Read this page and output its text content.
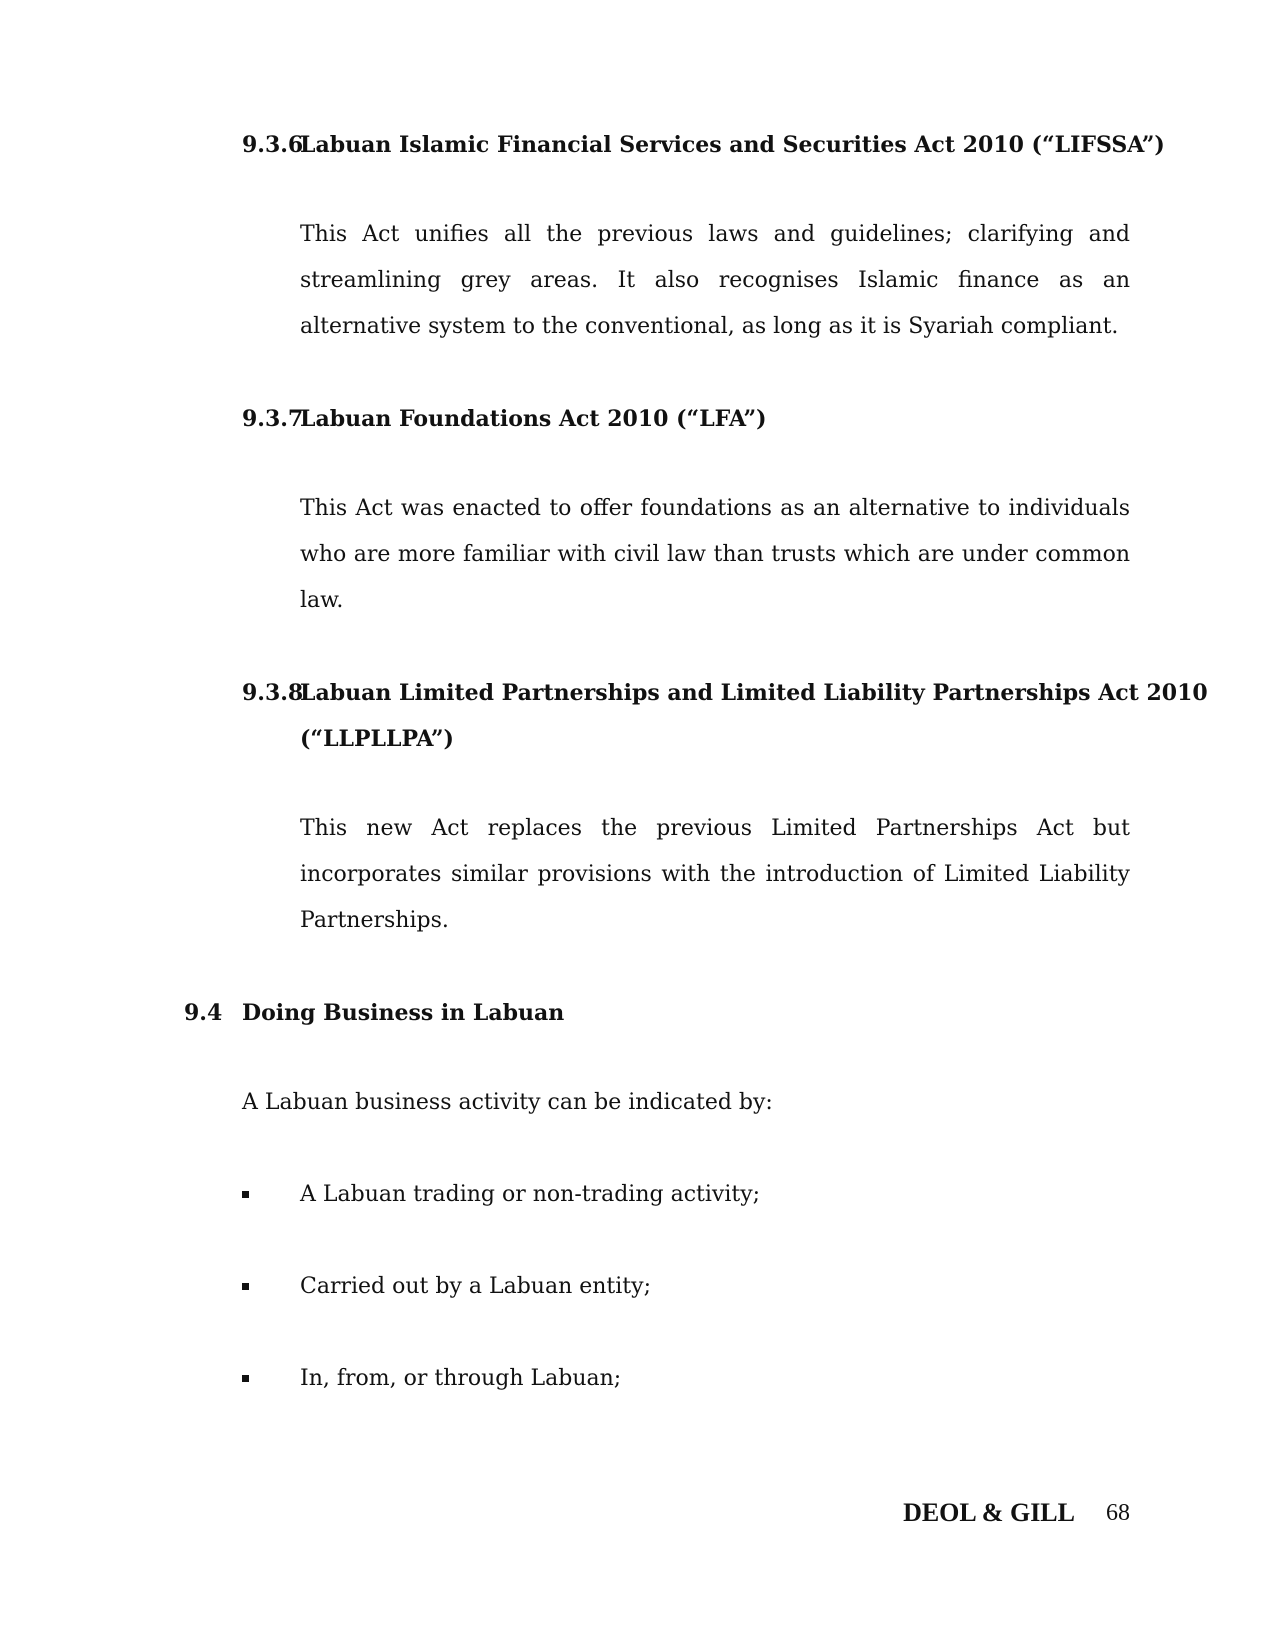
9.3.6
Labuan Islamic Financial Services and Securities Act 2010 (“LIFSSA”)
This Act unifies all the previous laws and guidelines; clarifying and streamlining grey areas. It also recognises Islamic finance as an alternative system to the conventional, as long as it is Syariah compliant.
9.3.7
Labuan Foundations Act 2010 (“LFA”)
This Act was enacted to offer foundations as an alternative to individuals who are more familiar with civil law than trusts which are under common law.
9.3.8
Labuan Limited Partnerships and Limited Liability Partnerships Act 2010
(“LLPLLPA”)
This new Act replaces the previous Limited Partnerships Act but incorporates similar provisions with the introduction of Limited Liability Partnerships.
9.4 Doing Business in Labuan
A Labuan business activity can be indicated by:
A Labuan trading or non-trading activity;
Carried out by a Labuan entity;
In, from, or through Labuan;
DEOL & GILL 68
